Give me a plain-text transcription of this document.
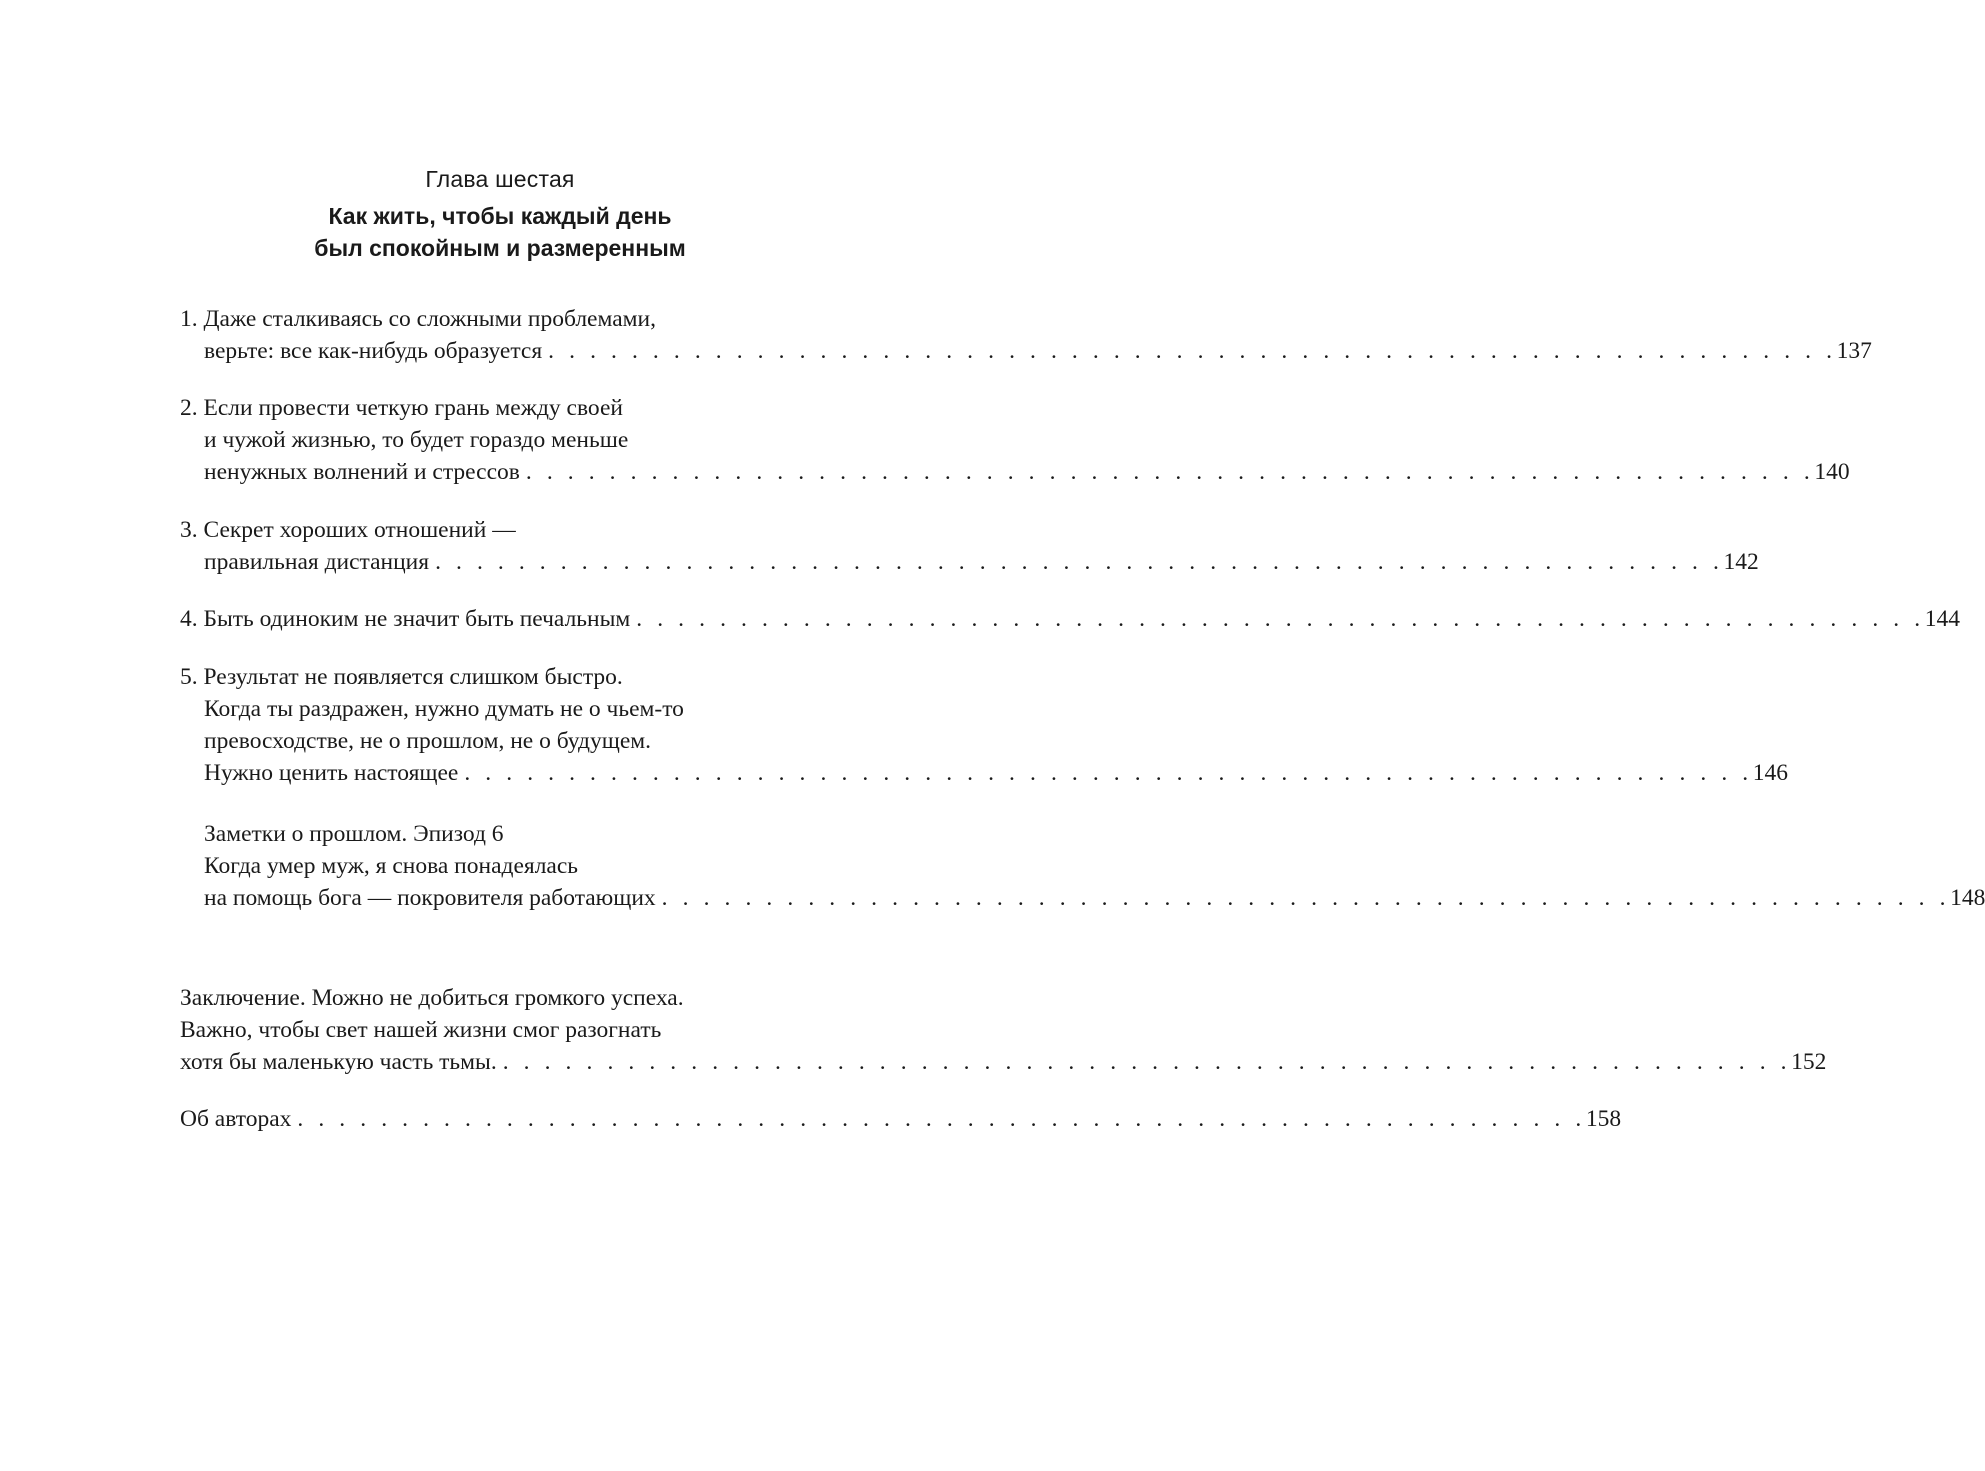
Глава шестая
Как жить, чтобы каждый день
был спокойным и размеренным
1. Даже сталкиваясь со сложными проблемами,
верьте: все как-нибудь образуется . . . . . . . . . . . . . . . . . . . . . . . . . . . . . . . . . . . . . . . . . . . . . . . . . . . . . . . . . . . . . . 137
2. Если провести четкую грань между своей
и чужой жизнью, то будет гораздо меньше
ненужных волнений и стрессов . . . . . . . . . . . . . . . . . . . . . . . . . . . . . . . . . . . . . . . . . . . . . . . . . . . . . . . . . . . . . . 140
3. Секрет хороших отношений —
правильная дистанция . . . . . . . . . . . . . . . . . . . . . . . . . . . . . . . . . . . . . . . . . . . . . . . . . . . . . . . . . . . . . . 142
4. Быть одиноким не значит быть печальным . . . . . . . . . . . . . . . . . . . . . . . . . . . . . . . . . . . . . . . . . . . . . . . . . . . . . . . . . . . . . . 144
5. Результат не появляется слишком быстро.
Когда ты раздражен, нужно думать не о чьем-то
превосходстве, не о прошлом, не о будущем.
Нужно ценить настоящее . . . . . . . . . . . . . . . . . . . . . . . . . . . . . . . . . . . . . . . . . . . . . . . . . . . . . . . . . . . . . . 146
Заметки о прошлом. Эпизод 6
Когда умер муж, я снова понадеялась
на помощь бога — покровителя работающих . . . . . . . . . . . . . . . . . . . . . . . . . . . . . . . . . . . . . . . . . . . . . . . . . . . . . . . . . . . . . . 148
Заключение. Можно не добиться громкого успеха.
Важно, чтобы свет нашей жизни смог разогнать
хотя бы маленькую часть тьмы. . . . . . . . . . . . . . . . . . . . . . . . . . . . . . . . . . . . . . . . . . . . . . . . . . . . . . . . . . . . . . . 152
Об авторах . . . . . . . . . . . . . . . . . . . . . . . . . . . . . . . . . . . . . . . . . . . . . . . . . . . . . . . . . . . . . . 158
